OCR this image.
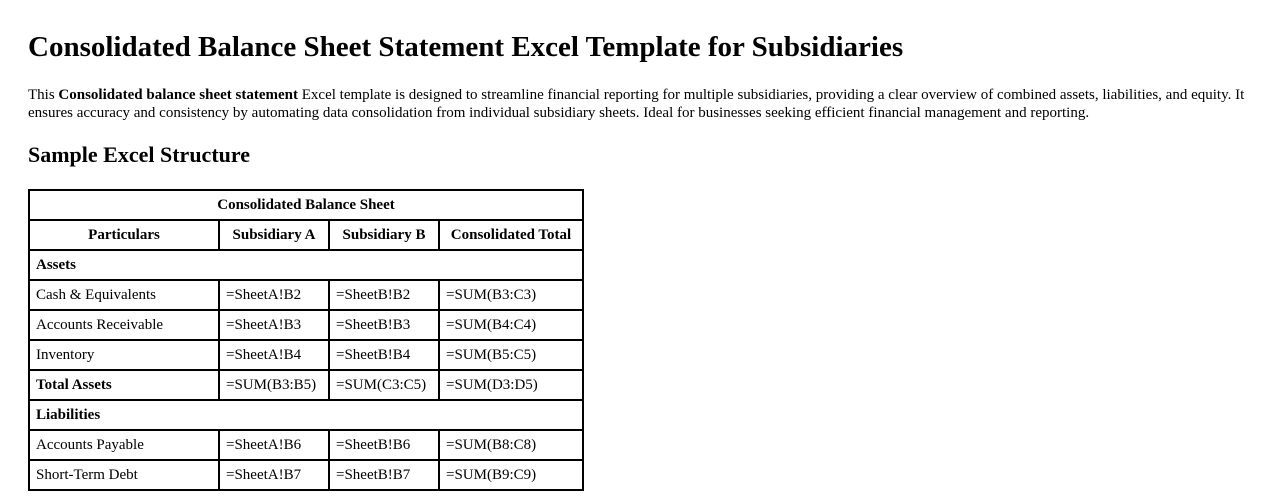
Consolidated Balance Sheet Statement Excel Template for Subsidiaries

This Consolidated balance sheet statement Excel template is designed to streamline financial reporting for multiple subsidiaries, providing a clear overview of combined assets, liabilities, and equity. It ensures accuracy and consistency by automating data consolidation from individual subsidiary sheets. Ideal for businesses seeking efficient financial management and reporting.

Sample Excel Structure
Consolidated Balance Sheet			
Particulars	Subsidiary A	Subsidiary B	Consolidated Total
Assets			
Cash & Equivalents	=SheetA!B2	=SheetB!B2	=SUM(B3:C3)
Accounts Receivable	=SheetA!B3	=SheetB!B3	=SUM(B4:C4)
Inventory	=SheetA!B4	=SheetB!B4	=SUM(B5:C5)
Total Assets	=SUM(B3:B5)	=SUM(C3:C5)	=SUM(D3:D5)
Liabilities			
Accounts Payable	=SheetA!B6	=SheetB!B6	=SUM(B8:C8)
Short-Term Debt	=SheetA!B7	=SheetB!B7	=SUM(B9:C9)
